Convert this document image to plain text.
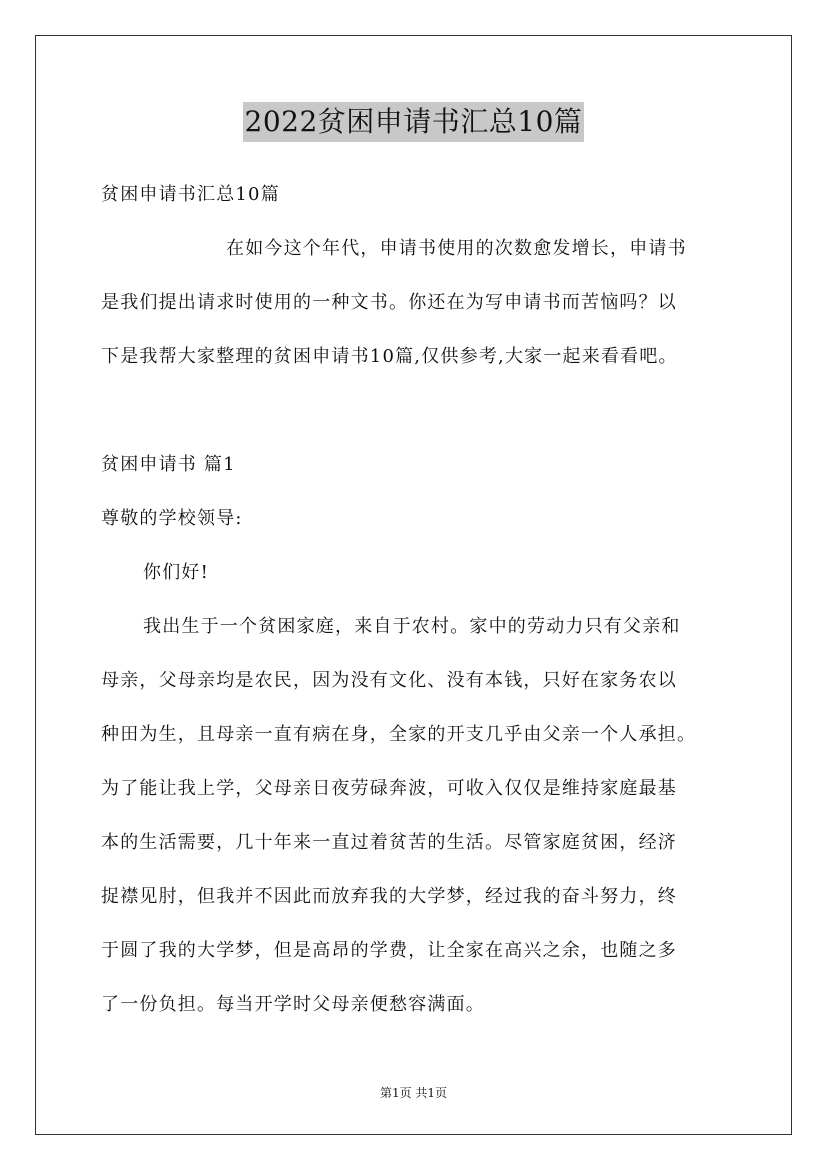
2022贫困申请书汇总10篇
贫困申请书汇总10篇
在如今这个年代，申请书使用的次数愈发增长，申请书
是我们提出请求时使用的一种文书。你还在为写申请书而苦恼吗？以
下是我帮大家整理的贫困申请书10篇,仅供参考,大家一起来看看吧。
贫困申请书 篇1
尊敬的学校领导:
你们好!
我出生于一个贫困家庭，来自于农村。家中的劳动力只有父亲和
母亲，父母亲均是农民，因为没有文化、没有本钱，只好在家务农以
种田为生，且母亲一直有病在身，全家的开支几乎由父亲一个人承担。
为了能让我上学，父母亲日夜劳碌奔波，可收入仅仅是维持家庭最基
本的生活需要，几十年来一直过着贫苦的生活。尽管家庭贫困，经济
捉襟见肘，但我并不因此而放弃我的大学梦，经过我的奋斗努力，终
于圆了我的大学梦，但是高昂的学费，让全家在高兴之余，也随之多
了一份负担。每当开学时父母亲便愁容满面。
第1页 共1页
